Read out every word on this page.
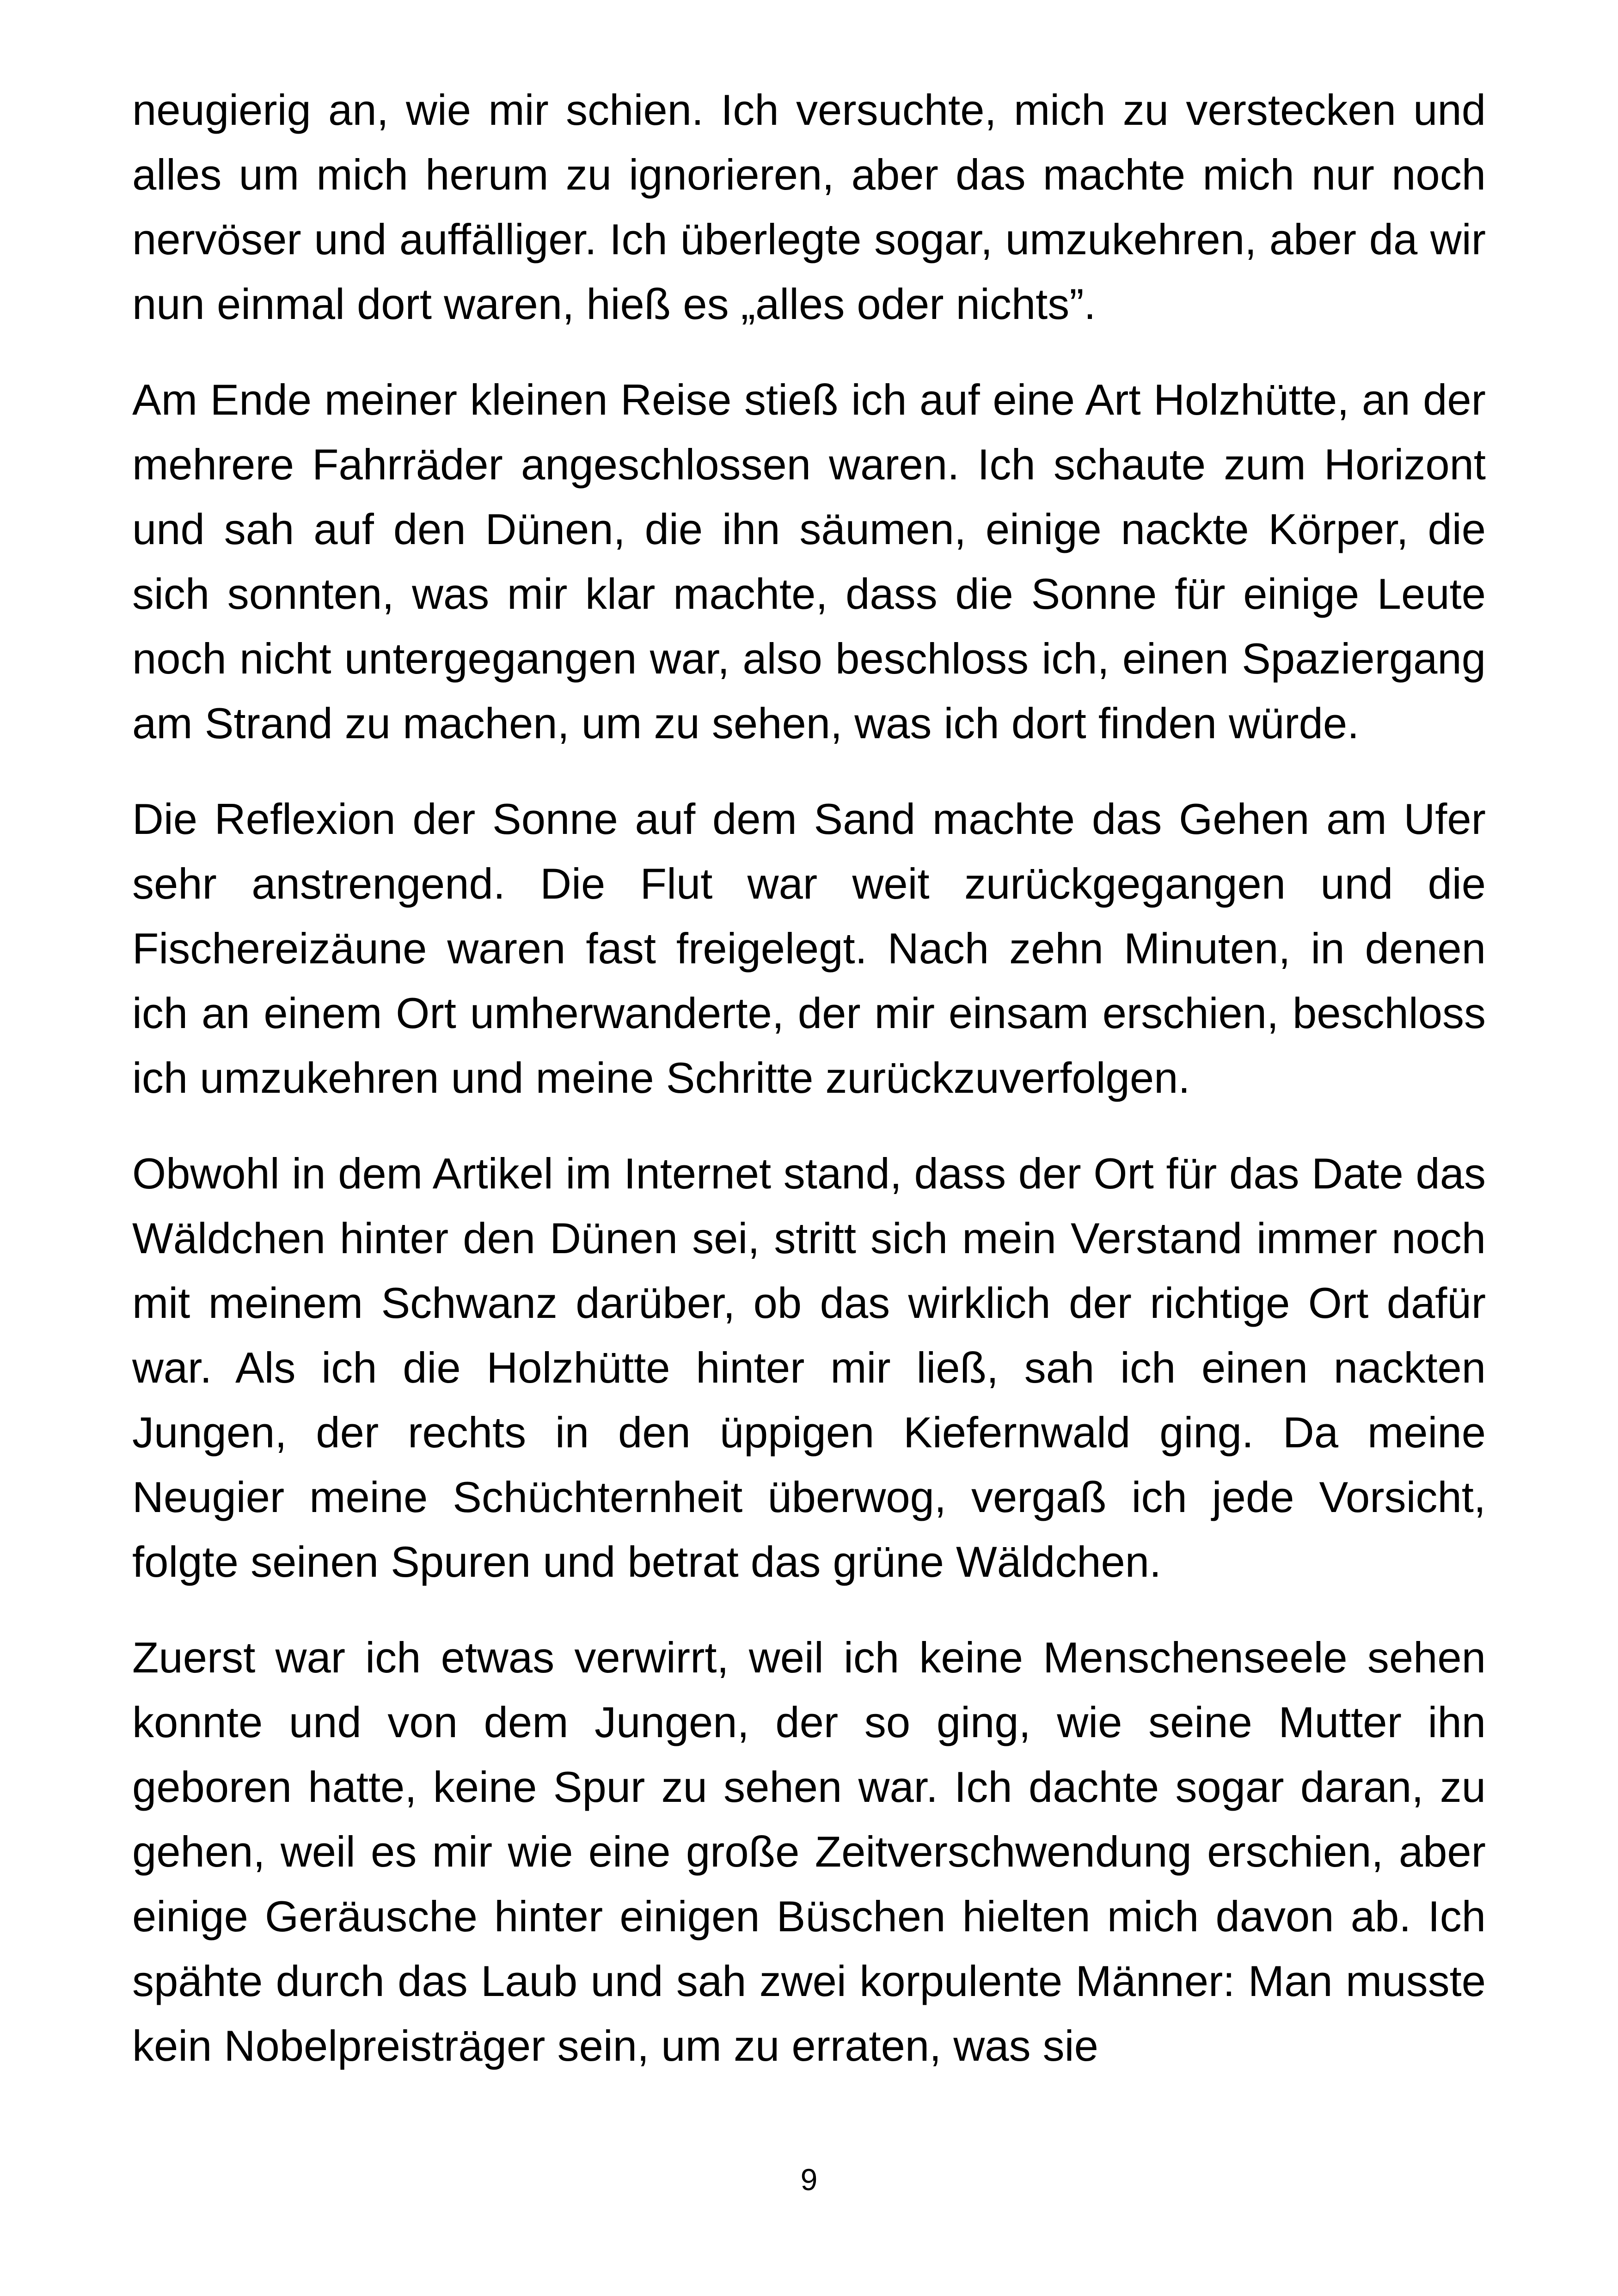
neugierig an, wie mir schien. Ich versuchte, mich zu verstecken und alles um mich herum zu ignorieren, aber das machte mich nur noch nervöser und auffälliger. Ich überlegte sogar, umzukehren, aber da wir nun einmal dort waren, hieß es „alles oder nichts”.

Am Ende meiner kleinen Reise stieß ich auf eine Art Holzhütte, an der mehrere Fahrräder angeschlossen waren. Ich schaute zum Horizont und sah auf den Dünen, die ihn säumen, einige nackte Körper, die sich sonnten, was mir klar machte, dass die Sonne für einige Leute noch nicht untergegangen war, also beschloss ich, einen Spaziergang am Strand zu machen, um zu sehen, was ich dort finden würde.

Die Reflexion der Sonne auf dem Sand machte das Gehen am Ufer sehr anstrengend. Die Flut war weit zurückgegangen und die Fischereizäune waren fast freigelegt. Nach zehn Minuten, in denen ich an einem Ort umherwanderte, der mir einsam erschien, beschloss ich umzukehren und meine Schritte zurückzuverfolgen.

Obwohl in dem Artikel im Internet stand, dass der Ort für das Date das Wäldchen hinter den Dünen sei, stritt sich mein Verstand immer noch mit meinem Schwanz darüber, ob das wirklich der richtige Ort dafür war. Als ich die Holzhütte hinter mir ließ, sah ich einen nackten Jungen, der rechts in den üppigen Kiefernwald ging. Da meine Neugier meine Schüchternheit überwog, vergaß ich jede Vorsicht, folgte seinen Spuren und betrat das grüne Wäldchen.

Zuerst war ich etwas verwirrt, weil ich keine Menschenseele sehen konnte und von dem Jungen, der so ging, wie seine Mutter ihn geboren hatte, keine Spur zu sehen war. Ich dachte sogar daran, zu gehen, weil es mir wie eine große Zeitverschwendung erschien, aber einige Geräusche hinter einigen Büschen hielten mich davon ab. Ich spähte durch das Laub und sah zwei korpulente Männer: Man musste kein Nobelpreisträger sein, um zu erraten, was sie

9
